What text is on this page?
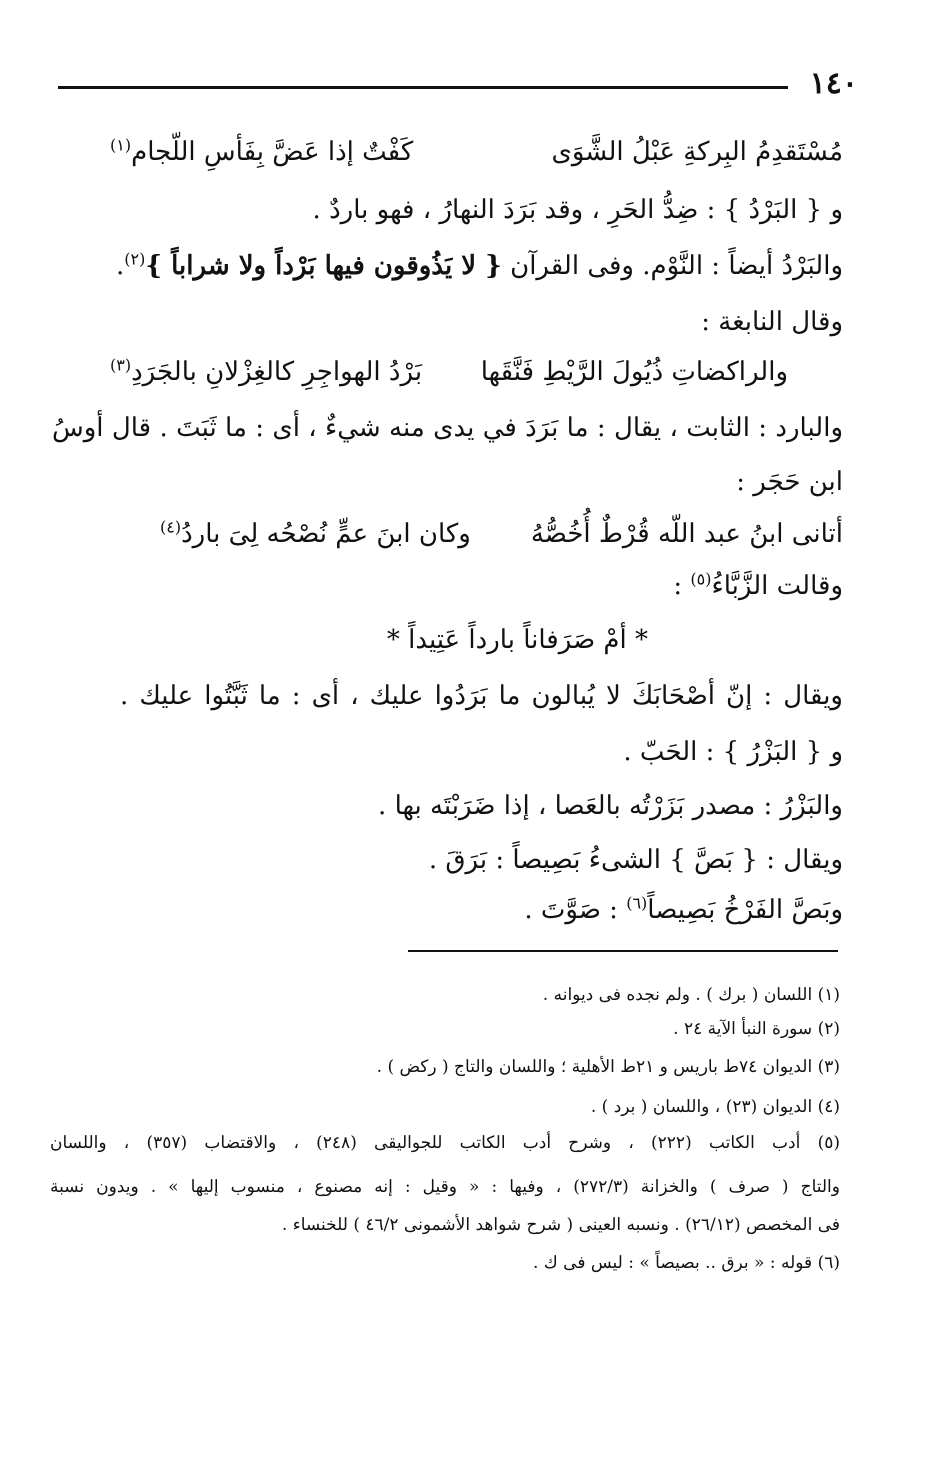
١٤٠
مُسْتَقدِمُ البِركةِ عَبْلُ الشَّوَى
كَفْتٌ إذا عَضَّ بِفَأسِ اللّجام$^{(١)}$
و { البَرْدُ } : ضِدُّ الحَرِ ، وقد بَرَدَ النهارُ ، فهو باردٌ .
والبَرْدُ أيضاً : النَّوْم. وفى القرآن { لا يَذُوقون فيها بَرْداً ولا شراباً }$^{(٢)}$.
وقال النابغة :
والراكضاتِ ذُيُولَ الرَّيْطِ فَنَّقَها
بَرْدُ الهواجِرِ كالغِزْلانِ بالجَرَدِ$^{(٣)}$
والبارد : الثابت ، يقال : ما بَرَدَ في يدى منه شيءٌ ، أى : ما ثَبَتَ . قال أوسُ
ابن حَجَر :
أتانى ابنُ عبد اللّه قُرْطٌ أُخُصُّهُ
وكان ابنَ عمٍّ نُصْحُه لِىَ باردُ$^{(٤)}$
وقالت الزَّبَّاءُ$^{(٥)}$ :
* أمْ صَرَفاناً بارداً عَتِيداً *
ويقال : إنّ أصْحَابَكَ لا يُبالون ما بَرَدُوا عليك ، أى : ما ثَبَّتُوا عليك .
و { البَزْرُ } : الحَبّ .
والبَزْرُ : مصدر بَزَرْتُه بالعَصا ، إذا ضَرَبْتَه بها .
ويقال : { بَصَّ } الشىءُ بَصِيصاً : بَرَقَ .
وبَصَّ الفَرْخُ بَصِيصاً$^{(٦)}$ : صَوَّتَ .
(١) اللسان ( برك ) . ولم نجده فى ديوانه .
(٢) سورة النبأ الآية ٢٤ .
(٣) الديوان ٧٤ط باريس و ٢١ط الأهلية ؛ واللسان والتاج ( ركض ) .
(٤) الديوان (٢٣) ، واللسان ( برد ) .
(٥) أدب الكاتب (٢٢٢) ، وشرح أدب الكاتب للجواليقى (٢٤٨) ، والاقتضاب (٣٥٧) ، واللسان
والتاج ( صرف ) والخزانة (٢٧٢/٣) ، وفيها : « وقيل : إنه مصنوع ، منسوب إليها » . ويدون نسبة
فى المخصص (٢٦/١٢) . ونسبه العينى ( شرح شواهد الأشمونى ٤٦/٢ ) للخنساء .
(٦) قوله : « برق .. بصيصاً » : ليس فى ك .
